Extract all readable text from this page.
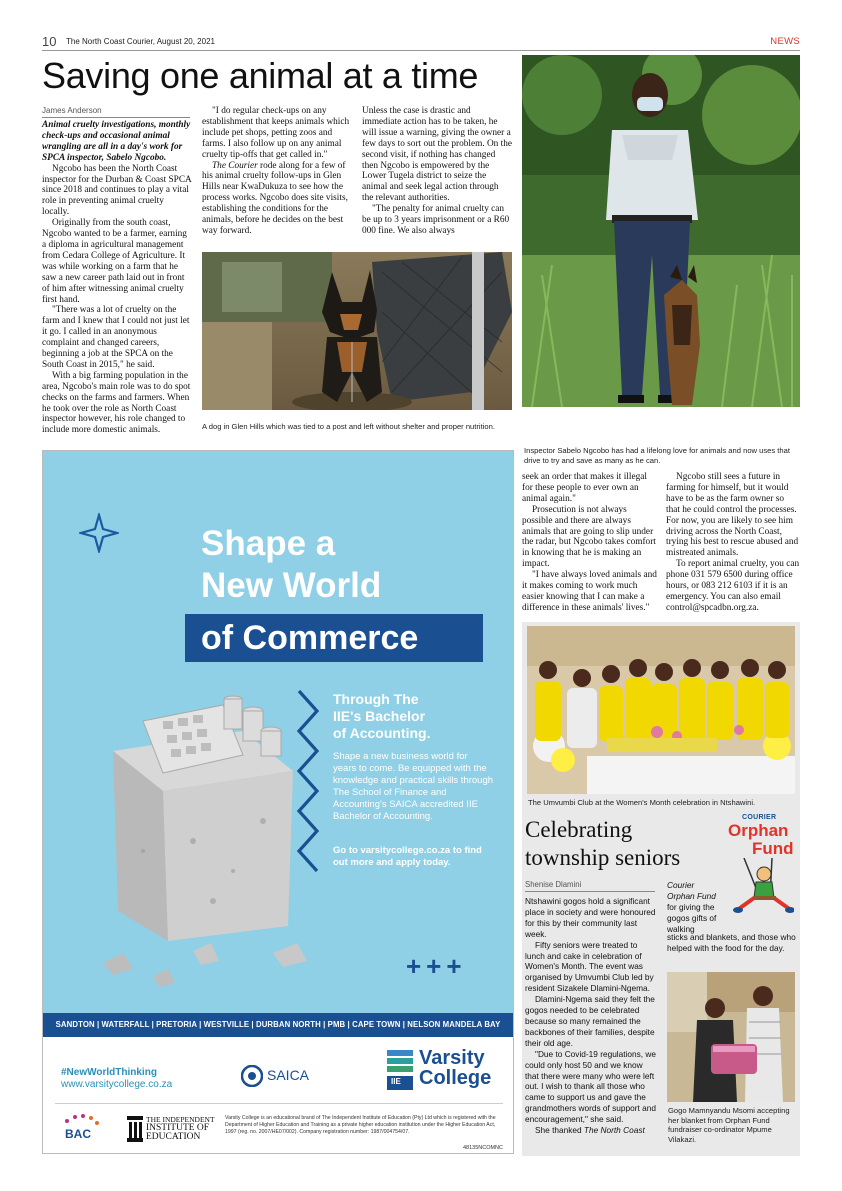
10 The North Coast Courier, August 20, 2021	NEWS
Saving one animal at a time
James Anderson

Animal cruelty investigations, monthly check-ups and occasional animal wrangling are all in a day's work for SPCA inspector, Sabelo Ngcobo.

Ngcobo has been the North Coast inspector for the Durban & Coast SPCA since 2018 and continues to play a vital role in preventing animal cruelty locally.

Originally from the south coast, Ngcobo wanted to be a farmer, earning a diploma in agricultural management from Cedara College of Agriculture. It was while working on a farm that he saw a new career path laid out in front of him after witnessing animal cruelty first hand.

"There was a lot of cruelty on the farm and I knew that I could not just let it go. I called in an anonymous complaint and changed careers, beginning a job at the SPCA on the South Coast in 2015," he said.

With a big farming population in the area, Ngcobo's main role was to do spot checks on the farms and farmers. When he took over the role as North Coast inspector however, his role changed to include more domestic animals.

"I do regular check-ups on any establishment that keeps animals which include pet shops, petting zoos and farms. I also follow up on any animal cruelty tip-offs that get called in."

The Courier rode along for a few of his animal cruelty follow-ups in Glen Hills near KwaDukuza to see how the process works. Ngcobo does site visits, establishing the conditions for the animals, before he decides on the best way forward.

Unless the case is drastic and immediate action has to be taken, he will issue a warning, giving the owner a few days to sort out the problem. On the second visit, if nothing has changed then Ngcobo is empowered by the Lower Tugela district to seize the animal and seek legal action through the relevant authorities.

"The penalty for animal cruelty can be up to 3 years imprisonment or a R60 000 fine. We also always

A dog in Glen Hills which was tied to a post and left without shelter and proper nutrition.
Inspector Sabelo Ngcobo has had a lifelong love for animals and now uses that drive to try and save as many as he can.
Shape a
New World
of Commerce
Through The
IIE's Bachelor
of Accounting.
Shape a new business world for years to come. Be equipped with the knowledge and practical skills through The School of Finance and Accounting's SAICA accredited IIE Bachelor of Accounting.
Go to varsitycollege.co.za to find out more and apply today.
+++
SANDTON | WATERFALL | PRETORIA | WESTVILLE | DURBAN NORTH | PMB | CAPE TOWN | NELSON MANDELA BAY
#NewWorldThinking
www.varsitycollege.co.za
SAICA	IIE
Varsity
College
BAC
THE INDEPENDENT
INSTITUTE OF
EDUCATION
Varsity College is an educational brand of The Independent Institute of Education (Pty) Ltd which is registered with the Department of Higher Education and Training as a private higher education institution under the Higher Education Act, 1997 (reg. no. 2007/HE07/002). Company registration number: 1987/004754/07.
48135NCOMNC

seek an order that makes it illegal for these people to ever own an animal again."

Prosecution is not always possible and there are always animals that are going to slip under the radar, but Ngcobo takes comfort in knowing that he is making an impact.

"I have always loved animals and it makes coming to work much easier knowing that I can make a difference in these animals' lives."

Ngcobo still sees a future in farming for himself, but it would have to be as the farm owner so that he could control the processes. For now, you are likely to see him driving across the North Coast, trying his best to rescue abused and mistreated animals.

To report animal cruelty, you can phone 031 579 6500 during office hours, or 083 212 6103 if it is an emergency. You can also email control@spcadbn.org.za.

The Umvumbi Club at the Women's Month celebration in Ntshawini.
Celebrating
township seniors
COURIER
Orphan
Fund
Shenise Dlamini

Ntshawini gogos hold a significant place in society and were honoured for this by their community last week.

Fifty seniors were treated to lunch and cake in celebration of Women's Month. The event was organised by Umvumbi Club led by resident Sizakele Dlamini-Ngema.

Dlamini-Ngema said they felt the gogos needed to be celebrated because so many remained the backbones of their families, despite their old age.

"Due to Covid-19 regulations, we could only host 50 and we know that there were many who were left out. I wish to thank all those who came to support us and gave the grandmothers words of support and encouragement," she said.

She thanked The North Coast

Courier
Orphan Fund
for giving the gogos gifts of walking
sticks and blankets, and those who helped with the food for the day.
Gogo Mamnyandu Msomi accepting her blanket from Orphan Fund fundraiser co-ordinator Mpume Vilakazi.
